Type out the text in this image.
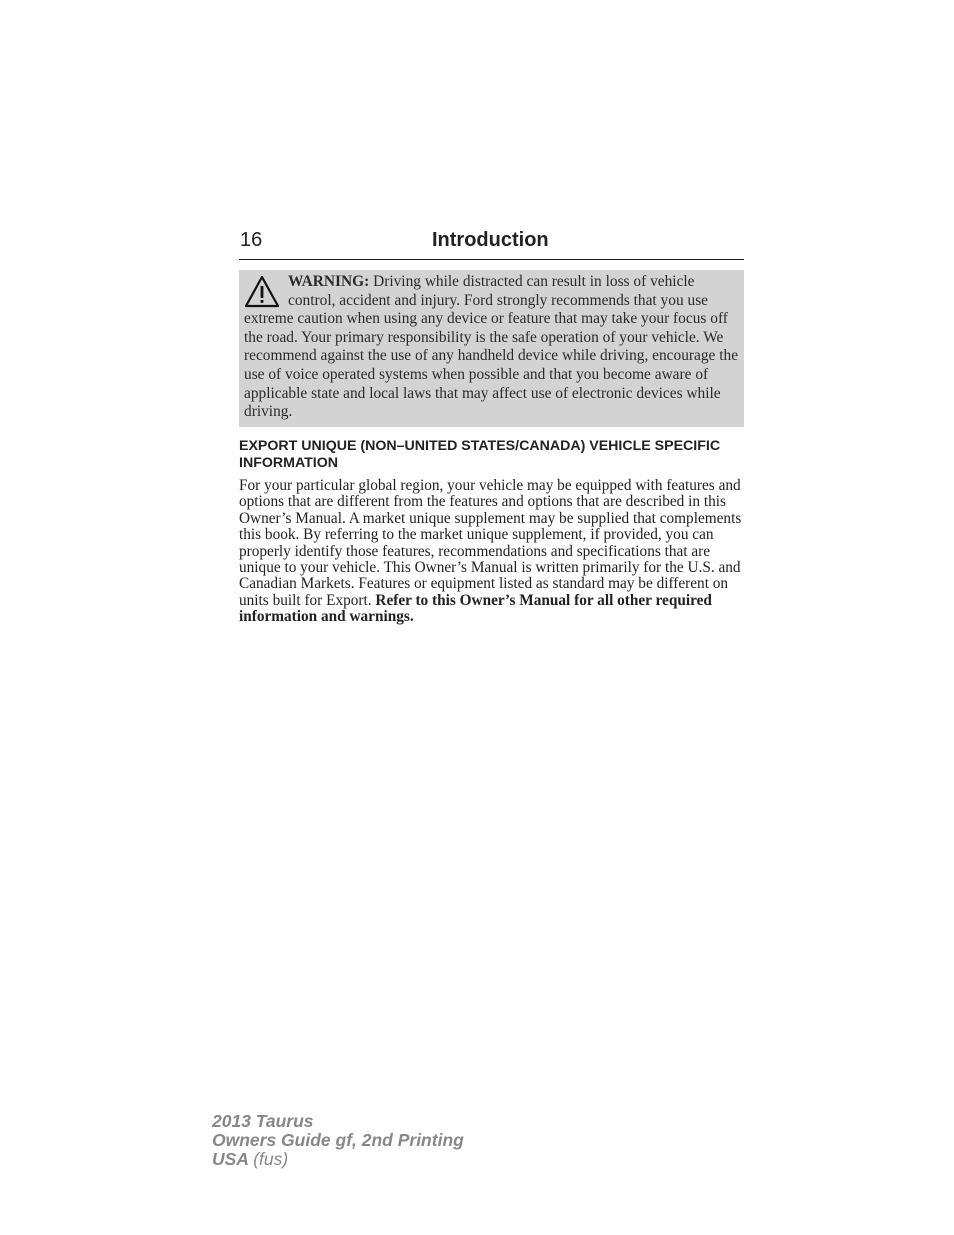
16	Introduction
WARNING: Driving while distracted can result in loss of vehicle control, accident and injury. Ford strongly recommends that you use extreme caution when using any device or feature that may take your focus off the road. Your primary responsibility is the safe operation of your vehicle. We recommend against the use of any handheld device while driving, encourage the use of voice operated systems when possible and that you become aware of applicable state and local laws that may affect use of electronic devices while driving.
EXPORT UNIQUE (NON–UNITED STATES/CANADA) VEHICLE SPECIFIC INFORMATION
For your particular global region, your vehicle may be equipped with features and options that are different from the features and options that are described in this Owner’s Manual. A market unique supplement may be supplied that complements this book. By referring to the market unique supplement, if provided, you can properly identify those features, recommendations and specifications that are unique to your vehicle. This Owner’s Manual is written primarily for the U.S. and Canadian Markets. Features or equipment listed as standard may be different on units built for Export. Refer to this Owner’s Manual for all other required information and warnings.
2013 Taurus
Owners Guide gf, 2nd Printing
USA (fus)
